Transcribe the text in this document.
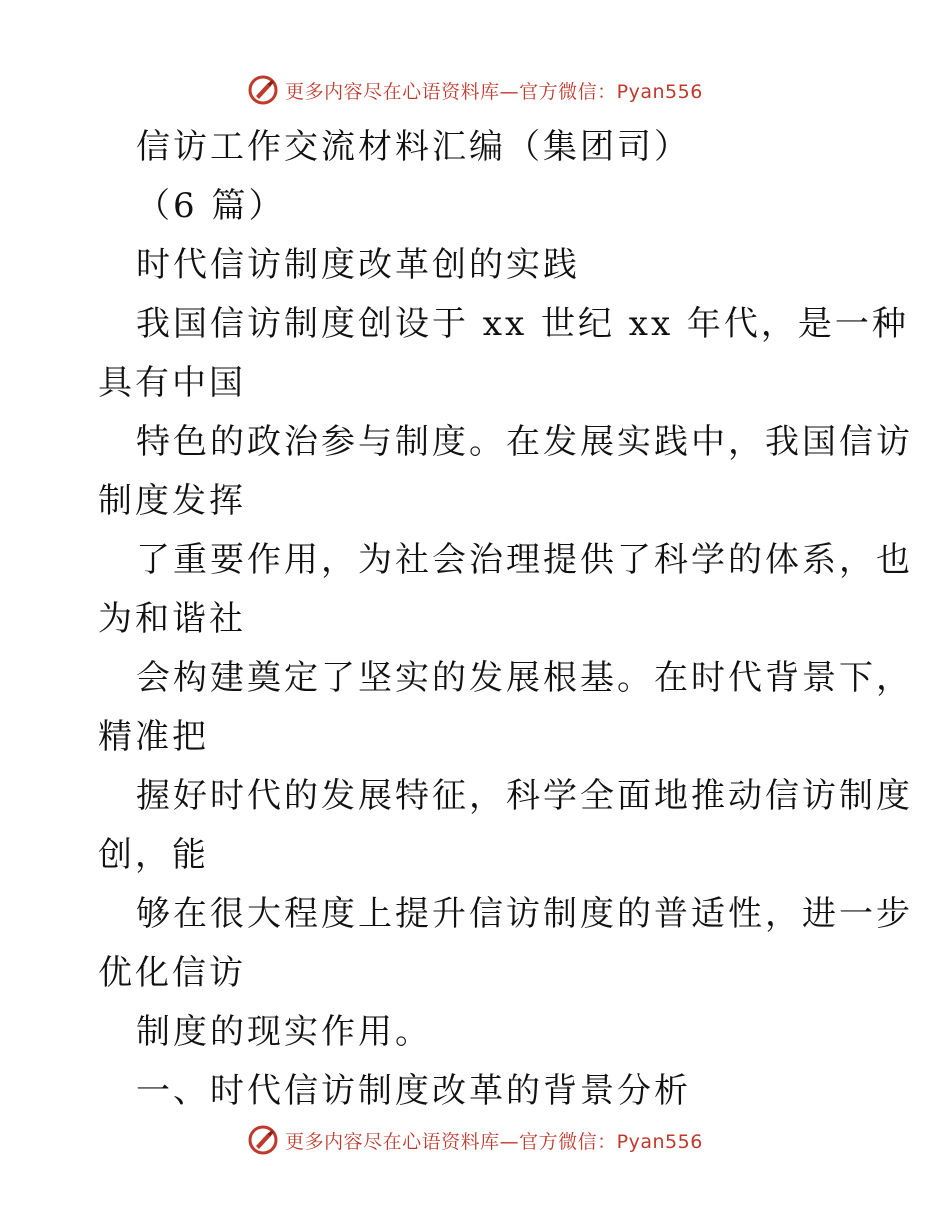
更多内容尽在心语资料库—官方微信：Pyan556
信访工作交流材料汇编（集团司）
（6 篇）
时代信访制度改革创的实践
我国信访制度创设于 xx 世纪 xx 年代，是一种
具有中国
特色的政治参与制度。在发展实践中，我国信访
制度发挥
了重要作用，为社会治理提供了科学的体系，也
为和谐社
会构建奠定了坚实的发展根基。在时代背景下，
精准把
握好时代的发展特征，科学全面地推动信访制度
创，能
够在很大程度上提升信访制度的普适性，进一步
优化信访
制度的现实作用。
一、时代信访制度改革的背景分析
更多内容尽在心语资料库—官方微信：Pyan556
